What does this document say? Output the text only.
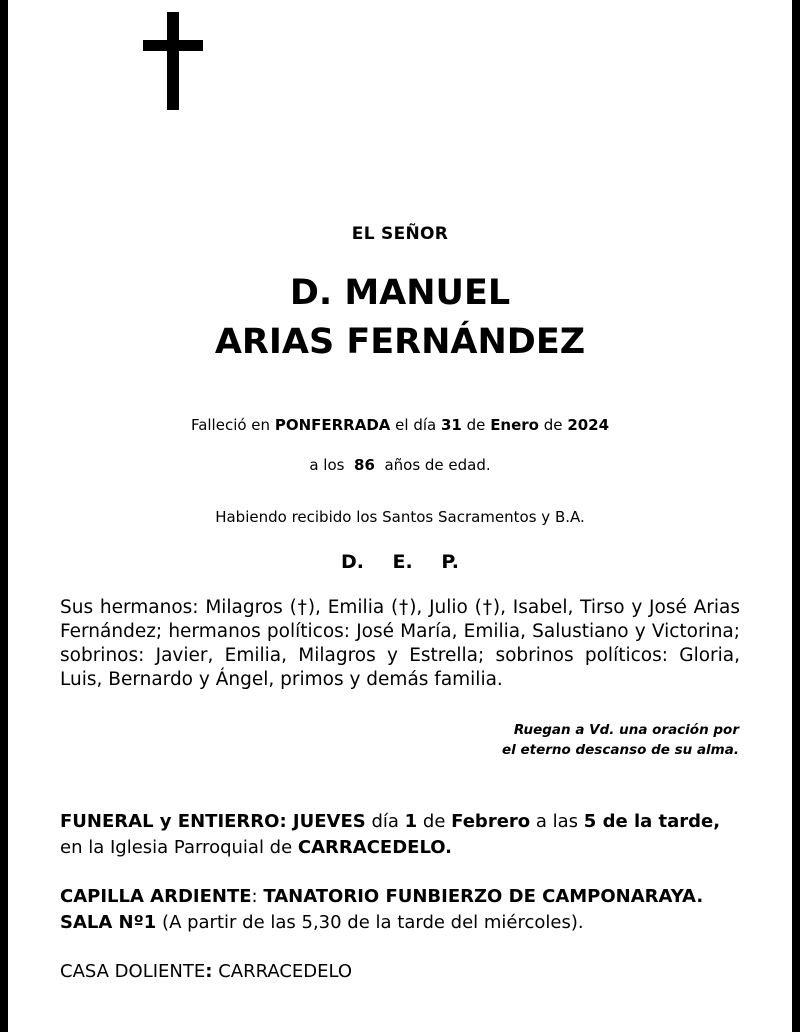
EL SEÑOR
D. MANUEL
ARIAS FERNÁNDEZ
Falleció en PONFERRADA el día 31 de Enero de 2024
a los 86 años de edad.
Habiendo recibido los Santos Sacramentos y B.A.
D. E. P.
Sus hermanos: Milagros (†), Emilia (†), Julio (†), Isabel, Tirso y José Arias Fernández; hermanos políticos: José María, Emilia, Salustiano y Victorina; sobrinos: Javier, Emilia, Milagros y Estrella; sobrinos políticos: Gloria, Luis, Bernardo y Ángel, primos y demás familia.
Ruegan a Vd. una oración por
el eterno descanso de su alma.
FUNERAL y ENTIERRO: JUEVES día 1 de Febrero a las 5 de la tarde, en la Iglesia Parroquial de CARRACEDELO.
CAPILLA ARDIENTE: TANATORIO FUNBIERZO DE CAMPONARAYA.
SALA Nº1 (A partir de las 5,30 de la tarde del miércoles).
CASA DOLIENTE: CARRACEDELO
